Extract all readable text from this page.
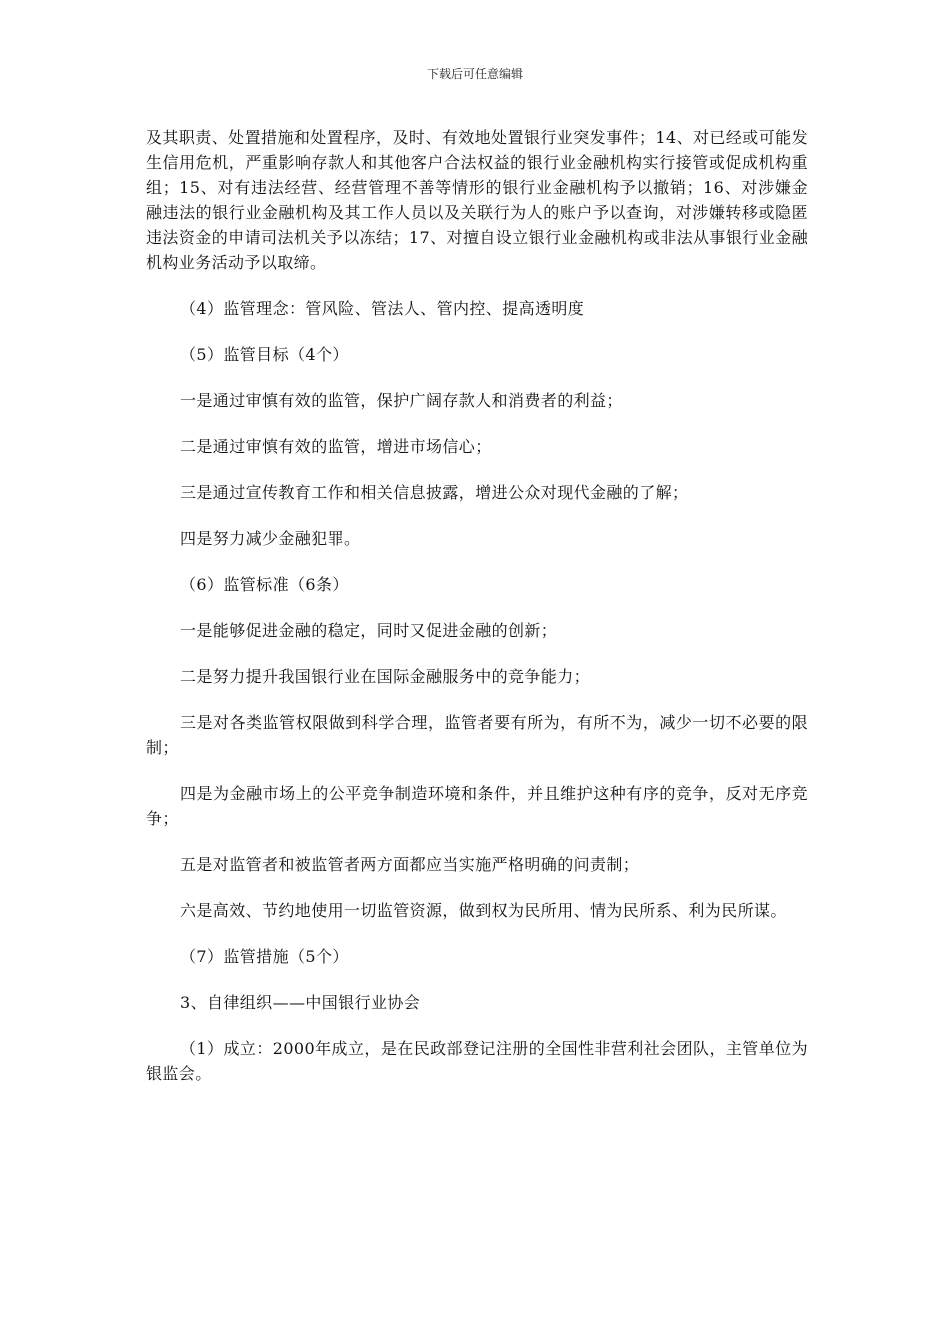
下载后可任意编辑

及其职责、处置措施和处置程序，及时、有效地处置银行业突发事件；14、对已经或可能发生信用危机，严重影响存款人和其他客户合法权益的银行业金融机构实行接管或促成机构重组；15、对有违法经营、经营管理不善等情形的银行业金融机构予以撤销；16、对涉嫌金融违法的银行业金融机构及其工作人员以及关联行为人的账户予以查询，对涉嫌转移或隐匿违法资金的申请司法机关予以冻结；17、对擅自设立银行业金融机构或非法从事银行业金融机构业务活动予以取缔。

（4）监管理念：管风险、管法人、管内控、提高透明度

（5）监管目标（4个）

一是通过审慎有效的监管，保护广阔存款人和消费者的利益；

二是通过审慎有效的监管，增进市场信心；

三是通过宣传教育工作和相关信息披露，增进公众对现代金融的了解；

四是努力减少金融犯罪。

（6）监管标准（6条）

一是能够促进金融的稳定，同时又促进金融的创新；

二是努力提升我国银行业在国际金融服务中的竞争能力；

三是对各类监管权限做到科学合理，监管者要有所为，有所不为，减少一切不必要的限制；

四是为金融市场上的公平竞争制造环境和条件，并且维护这种有序的竞争，反对无序竞争；

五是对监管者和被监管者两方面都应当实施严格明确的问责制；

六是高效、节约地使用一切监管资源，做到权为民所用、情为民所系、利为民所谋。

（7）监管措施（5个）

3、自律组织——中国银行业协会

（1）成立：2000年成立，是在民政部登记注册的全国性非营利社会团队，主管单位为银监会。
